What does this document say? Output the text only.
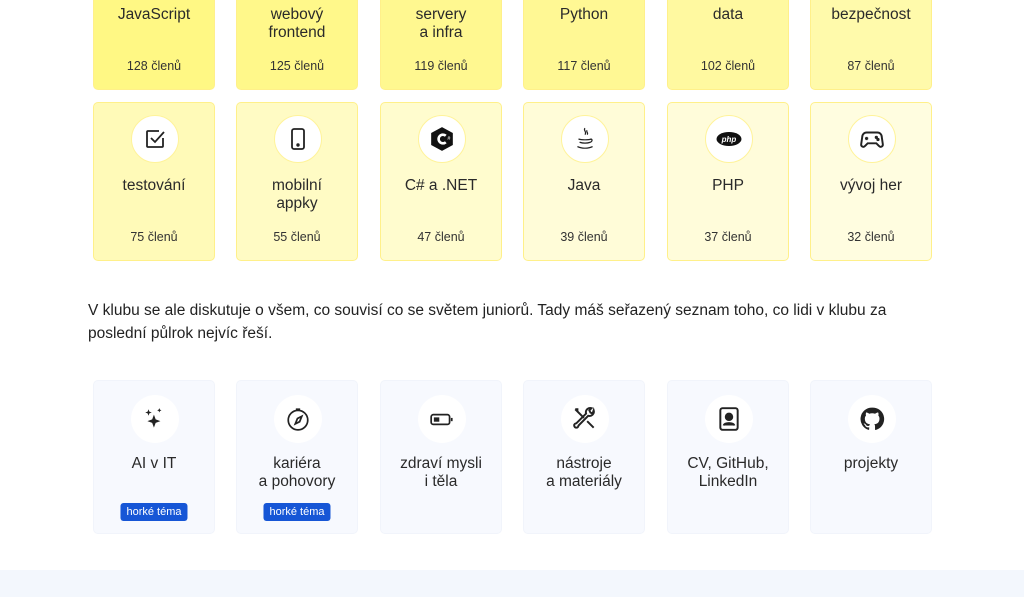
JavaScript
128 členů
webový
frontend
125 členů
servery
a infra
119 členů
Python
117 členů
data
102 členů
bezpečnost
87 členů
testování
75 členů
mobilní
appky
55 členů
#
C# a .NET
47 členů
Java
39 členů
php
PHP
37 členů
vývoj her
32 členů
V klubu se ale diskutuje o všem, co souvisí co se světem juniorů. Tady máš seřazený seznam toho, co lidi v klubu za poslední půlrok nejvíc řeší.
AI v IT
horké téma
kariéra
a pohovory
horké téma
zdraví mysli
i těla
nástroje
a materiály
CV, GitHub,
LinkedIn
projekty
